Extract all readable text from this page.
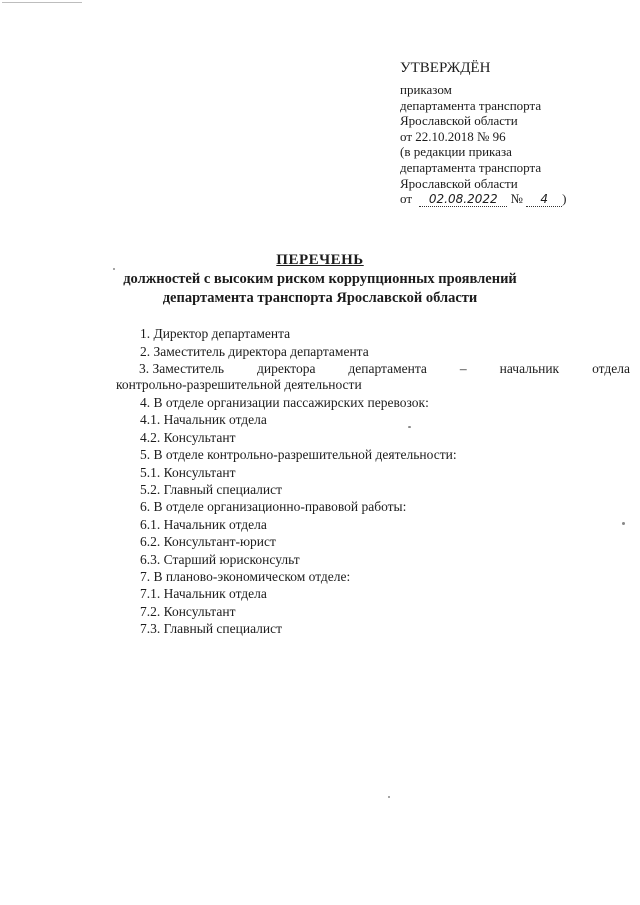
УТВЕРЖДЁН
приказом
департамента транспорта
Ярославской области
от 22.10.2018 № 96
(в редакции приказа
департамента транспорта
Ярославской области
от 02.08.2022 № 4 )
ПЕРЕЧЕНЬ
должностей с высоким риском коррупционных проявлений
департамента транспорта Ярославской области
1. Директор департамента
2. Заместитель директора департамента
3. Заместитель директора департамента – начальник отдела
контрольно-разрешительной деятельности
4. В отделе организации пассажирских перевозок:
4.1. Начальник отдела
4.2. Консультант
5. В отделе контрольно-разрешительной деятельности:
5.1. Консультант
5.2. Главный специалист
6. В отделе организационно-правовой работы:
6.1. Начальник отдела
6.2. Консультант-юрист
6.3. Старший юрисконсульт
7. В планово-экономическом отделе:
7.1. Начальник отдела
7.2. Консультант
7.3. Главный специалист
